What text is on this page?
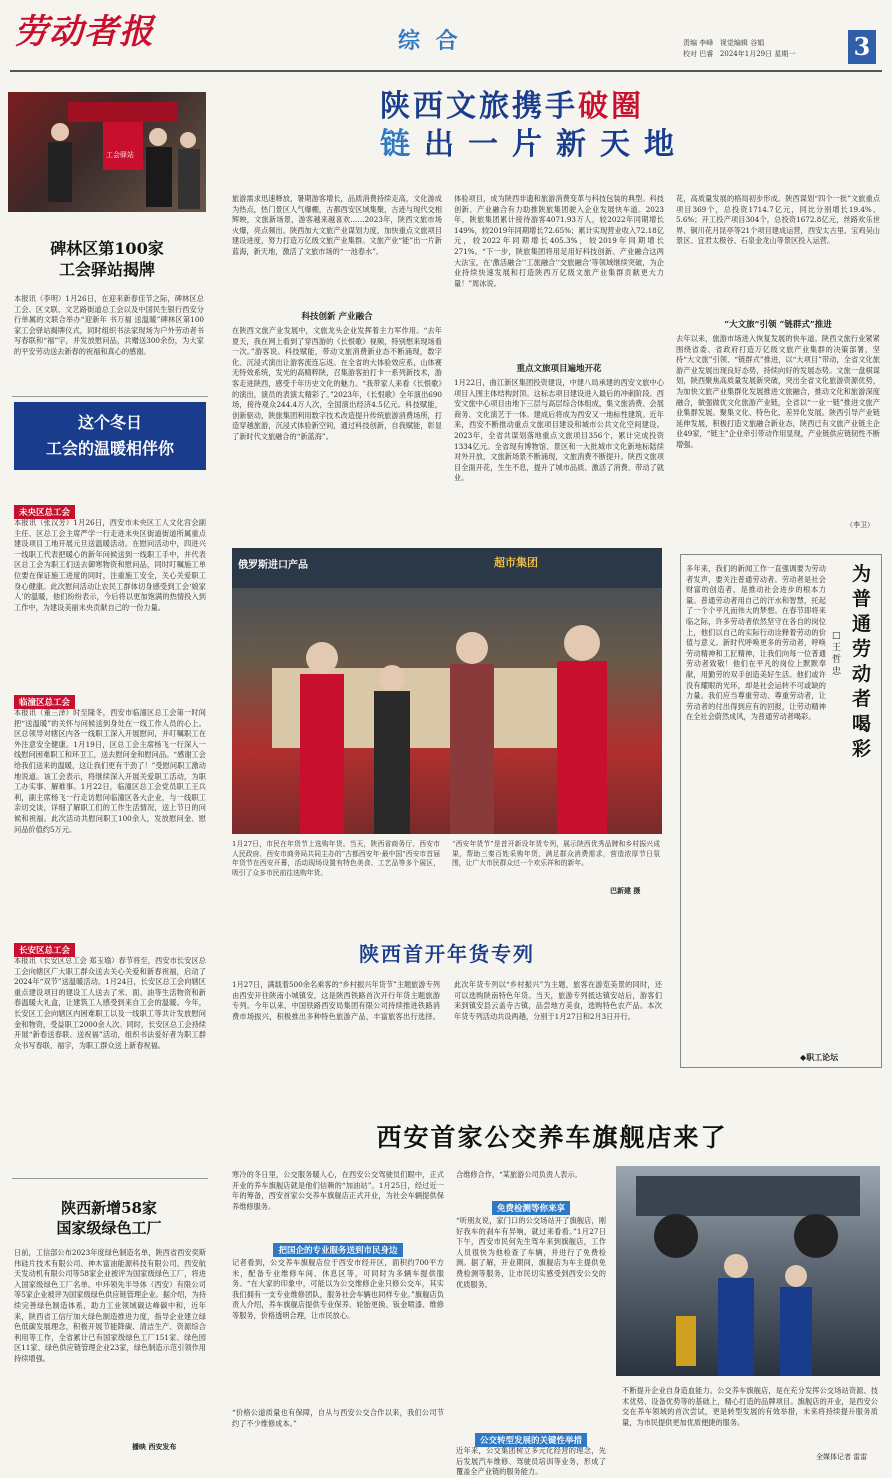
劳动者报	综 合	责编 李峰 视觉编辑 谷娟
校对 巴睿 2024年1月29日 星期一 3
工会驿站
碑林区第100家
工会驿站揭牌
本报讯（李明）1月26日，在迎来新春佳节之际，碑林区总工会、区文联、文艺路街道总工会以及中国民生银行西安分行单属的文联合举办“迎新年 书万福 送温暖”碑林区第100家工会驿站揭牌仪式，同时组织书法家现场为户外劳动者书写春联和“福”字，并发放慰问品，共赠送300余份，为大家的平安劳动送去新春的祝福和真心的感谢。
这个冬日
工会的温暖相伴你
未央区总工会
本报讯（张汉芳）1月26日，西安市未央区工人文化宫会副主任、区总工会主席严学一行走进未央区街道街道所属重点建设项目工地开展元旦送温暖活动。在慰问活动中，四进兴一线职工代表把暖心的新年问候送到一线职工手中，并代表区总工会为职工们送去御寒物资和慰问品，同时叮嘱施工单位要在保证施工进度的同时，注重施工安全，关心关爱职工身心健康。此次慰问活动让农民工群体切身感受到工会‘娘家人’的温暖，他们纷纷表示，今后将以更加饱满的热情投入到工作中，为建设美丽未央贡献自己的一份力量。
临潼区总工会
本报讯（董三泽）时至隆冬，西安市临潼区总工会第一时间把“送温暖”的关怀与问候送到身处在一线工作人员的心上。区总领导对辖区内各一线职工深入开展慰问，并叮嘱职工在外注意安全健康。1月19日，区总工会主席杨飞一行深入一线慰问困难职工和环卫工，送去慰问金和慰问品。“感谢工会给我们送来的温暖，这让我们更有干劲了！”受慰问职工激动地说道。该工会表示，将继续深入开展关爱职工活动，为职工办实事、解难事。1月22日，临潼区总工会党员职工王兵利，副主席杨飞一行走访慰问临潼区各大企业，与一线职工亲切交谈，详细了解职工们的工作生活情况，送上节日的问候和祝福。此次活动共慰问职工100余人，发放慰问金、慰问品价值约5万元。
长安区总工会
本报讯（长安区总工会 郑玉瑜）春节将至，西安市长安区总工会向辖区广大职工群众送去关心关爱和新春祝福，启动了2024年“双节”送温暖活动。1月24日，长安区总工会向辖区重点建设项目的建设工人送去了米、面、油等生活物资和新春温暖大礼盒，让建筑工人感受到来自工会的温暖。今年，长安区工会向辖区内困难职工以及一线职工等共计发放慰问金和物资，受益职工2000余人次。同时，长安区总工会持续开展“新春送春联、送祝福”活动，组织书法爱好者为职工群众书写春联、福字，为职工群众送上新春祝福。
陕西新增58家
国家级绿色工厂
日前，工信部公布2023年度绿色制造名单，陕西省西安奕斯伟硅片技术有限公司、神木富油能源科技有限公司、西安航天发动机有限公司等58家企业被评为国家级绿色工厂，将进入国家级绿色工厂名单。中环领先半导体（西安）有限公司等5家企业被评为国家级绿色供应链管理企业。据介绍，为持续完善绿色制造体系，助力工业领域碳达峰碳中和，近年来，陕西省工信厅加大绿色制造推进力度，指导企业建立绿色低碳发展理念，积极开展节能降碳、清洁生产、资源综合利用等工作，全省累计已有国家级绿色工厂151家、绿色园区11家、绿色供应链管理企业23家，绿色制造示范引领作用持续增强。
播映 西安发布
陕西文旅携手破圈
链出一片新天地
旅游需求迅速释放，暑期游客增长，品质消费持续走高，文化游成为热点，热门景区人气爆棚，古都西安区域集聚，古迹与现代交相辉映，文旅新场景，游客越来越喜欢……2023年，陕西文旅市场火爆，亮点频出。陕西加大文旅产业谋划力度，加快重点文旅项目建设进度，努力打造万亿级文旅产业集群。文旅产业“能”出一片新蓝海，新天地，激活了文旅市场的“一池春水”。
科技创新 产业融合
在陕西文旅产业发展中，文旅龙头企业发挥着主力军作用。“去年夏天，我在网上看到了穿西游的《长恨歌》视频，特别想来现场看一次。”游客说。科技赋能，带动文旅消费新业态不断涌现，数字化、沉浸式演出让游客流连忘返。在全省的大体验效应系，山体赛无特效系统，发光的高精粹陕，召集游客拍打卡一系列新技术，游客走进陕西，感受千年历史文化的魅力。“我带家人来看《长恨歌》的演出，演员的表演太精彩了。”2023年，《长恨歌》全年演出690场，接待观众244.4万人次，全国演出经济4.5亿元。科技赋能，创新驱动，陕旅集团利用数字技术改造提升传统旅游消费场所，打造穿越旅游，沉浸式体验新空间，通过科技创新，自我赋能，彰显了新时代文旅融合的“新蓝海”。
体验项目，成为陕西非遗和旅游消费变革与科技包装的典型。科技创新、产业融合有力助推陕旅集团驶入企业发展快车道。2023年，陕旅集团累计接待游客4071.93万人，较2022年同期增长149%，较2019年同期增长72.65%；累计实现营业收入72.18亿元，较2022年同期增长405.3%，较2019年同期增长271%。“下一步，陕旅集团将用足用好科技创新、产业融合这两大法宝，在‘激活融合’‘工旅融合’‘交旅融合’等领域继续突破，为企业持续快速发展和打造陕西万亿级文旅产业集群贡献更大力量！”周冰说。
重点文旅项目遍地开花
1月22日，曲江新区集团投资建设，中建八局承建的西安文旅中心项目入围主体结构封顶。这标志项目建设进入最后的冲刺阶段。西安文旅中心项目由地下三层与高层综合体组成，集文旅消费、会展商务、文化演艺于一体。建成后将成为西安又一地标性建筑。近年来，西安不断推动重点文旅项目建设和城市公共文化空间建设。2023年，全省共谋划落地重点文旅项目356个，累计完成投资1334亿元。全省现有博物馆、景区和一大批城市文化新地标陆续对外开放，文旅新场景不断涌现，文旅消费不断提升。陕西文旅项目全面开花，生生不息，提升了城市品质、激活了消费、带动了就业。
花，高质量发展的格局初步形成。陕西谋划“四个一批”文旅重点项目369个，总投资1714.7亿元，同比分别增长19.4%、5.6%；开工投产项目304个，总投资1672.8亿元，丝路欢乐世界、铜川花月昆亭等21个项目建成运营，西安太古里、宝鸡吴山景区、宜君太极谷、石泉金龙山等景区投入运营。
“大文旅”引领 “链群式”推进
去年以来，旅游市场进入恢复发展的快车道。陕西文旅行业紧紧围绕省委、省政府打造万亿级文旅产业集群的决策部署，坚持“大文旅”引领、“链群式”推进，以“大项目”带动，全省文化旅游产业发展出现良好态势，持续向好的发展态势。文旅一盘棋谋划，陕西聚焦高质量发展新突破，突出全省文化旅游资源优势，为加快文旅产业集群化发展推进文旅融合，推动文化和旅游深度融合，做强做优文化旅游产业链，全省以“一业一链”推进文旅产业集群发展。聚集文化、特色化、差异化发展。陕西引导产业链延伸发展，积极打造文旅融合新业态，陕西已有文旅产业链主企业49家，“链主”企业牵引带动作用显现，产业链供应链韧性不断增强。
（李卫）
俄罗斯进口产品	超市集团
1月27日，市民在年货节上选购年货。当天，陕西省商务厅、西安市人民政府、西安市商务局共同主办的“古都西安年·最中国”西安市首届年货节在西安开幕，活动现场设置有特色美食、工艺品等多个展区，吸引了众多市民前往选购年货。
“西安年货节”是首开新设年货专列，展示陕西优秀品牌和乡村振兴成果，帮助三秦百姓采购年货，满足群众消费需求，营造浓厚节日氛围，让广大市民群众过一个欢乐祥和的新年。
巴新建 摄
陕西首开年货专列
1月27日，满载着500余名乘客的“乡村振兴年货节”主题旅游专列由西安开往陕南小城镇安，这是陕西铁路首次开行年货主题旅游专列。今年以来，中国铁路西安局集团有限公司持续推进铁路消费市场振兴，积极推出多种特色旅游产品，丰富旅客出行选择。此次年货专列以“乡村振兴”为主题，旅客在游览美景的同时，还可以选购陕南特色年货。当天，旅游专列抵达镇安站后，游客们来到镇安县云盖寺古镇，品尝地方美食，选购特色农产品。本次年货专列活动共设两趟，分别于1月27日和2月3日开行。
为普通劳动者喝彩
□ 王哲忠
多年来，我们的新闻工作一直强调要为劳动者发声，要关注普通劳动者。劳动者是社会财富的创造者，是推动社会进步的根本力量。普通劳动者用自己的汗水和智慧，托起了一个个平凡而伟大的梦想。在春节即将来临之际，许多劳动者依然坚守在各自的岗位上，他们以自己的实际行动诠释着劳动的价值与意义。新时代呼唤更多的劳动者，呼唤劳动精神和工匠精神，让我们向每一位普通劳动者致敬！他们在平凡的岗位上默默奉献，用勤劳的双手创造美好生活。他们或许没有耀眼的光环，却是社会运转不可或缺的力量。我们应当尊重劳动、尊重劳动者，让劳动者的付出得到应有的回报，让劳动精神在全社会蔚然成风，为普通劳动者喝彩。
◆职工论坛
西安首家公交养车旗舰店来了
寒冷的冬日里，公交服务暖人心，在西安公交驾驶员们眼中，正式开业的养车旗舰店就是他们信赖的“加油站”。1月25日，经过近一年的筹备，西安首家公交养车旗舰店正式开业，为社会车辆提供保养维修服务。
把国企的专业服务送到市民身边
记者看到，公交养车旗舰店位于西安市经开区，面积约700平方米，配备专业维修车间、休息区等，可同时为多辆车提供服务。“在大家的印象中，可能以为公交维修企业只修公交车，其实我们拥有一支专业维修团队，服务社会车辆也同样专业。”旗舰店负责人介绍，养车旗舰店提供专业保养、轮胎更换、钣金喷漆、维修等服务，价格透明合理，让市民放心。
“价格公道质量也有保障，自从与西安公交合作以来，我们公司节约了不少维修成本。”
合维修合作，“某旅游公司负责人表示。
免费检测等你来享
“听朋友说，家门口的公交场站开了旗舰店，刚好我车的刹车有异响，就过来看看。”1月27日下午，西安市民何先生驾车来到旗舰店，工作人员很快为他检查了车辆，并进行了免费检测。据了解，开业期间，旗舰店为车主提供免费检测等服务，让市民切实感受到西安公交的优质服务。
公交转型发展的关键性举措
近年来，公交集团树立多元化经营的理念，先后发展汽车维修、驾驶员培训等业务，形成了覆盖全产业链的服务能力。
不断提升企业自身造血能力。公交养车旗舰店，是在充分发挥公交场站资源、技术优势、设备优势等的基础上，精心打造的品牌项目。旗舰店的开业，是西安公交在养车领域的首次尝试，更是转型发展的有效举措，未来将持续提升服务质量，为市民提供更加优质便捷的服务。
全媒体记者 雷雷
